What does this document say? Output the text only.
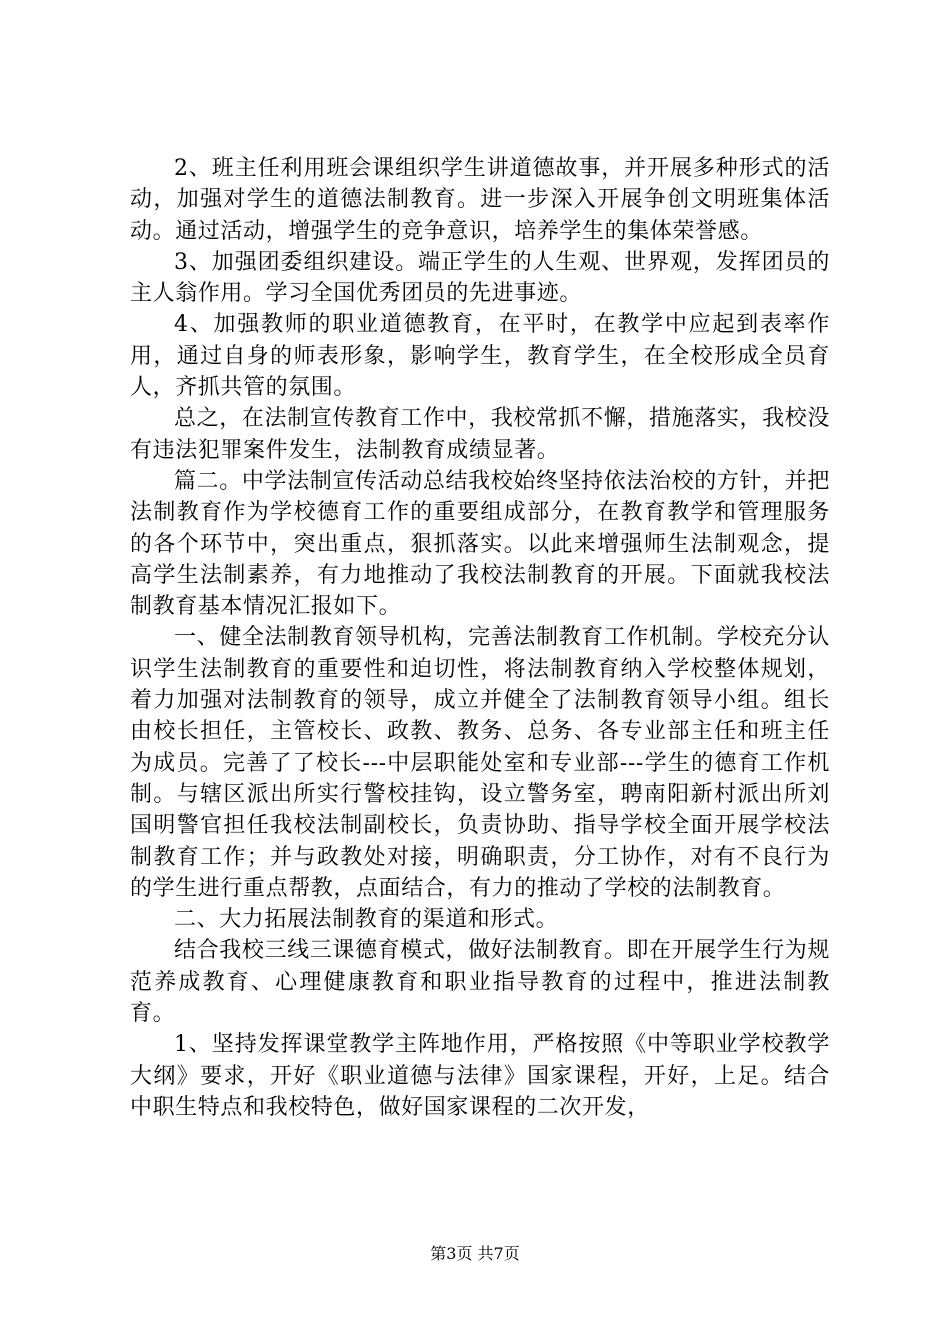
2、班主任利用班会课组织学生讲道德故事，并开展多种形式的活动，加强对学生的道德法制教育。进一步深入开展争创文明班集体活动。通过活动，增强学生的竞争意识，培养学生的集体荣誉感。

3、加强团委组织建设。端正学生的人生观、世界观，发挥团员的主人翁作用。学习全国优秀团员的先进事迹。

4、加强教师的职业道德教育，在平时，在教学中应起到表率作用，通过自身的师表形象，影响学生，教育学生，在全校形成全员育人，齐抓共管的氛围。

总之，在法制宣传教育工作中，我校常抓不懈，措施落实，我校没有违法犯罪案件发生，法制教育成绩显著。

篇二。中学法制宣传活动总结我校始终坚持依法治校的方针，并把法制教育作为学校德育工作的重要组成部分，在教育教学和管理服务的各个环节中，突出重点，狠抓落实。以此来增强师生法制观念，提高学生法制素养，有力地推动了我校法制教育的开展。下面就我校法制教育基本情况汇报如下。

一、健全法制教育领导机构，完善法制教育工作机制。学校充分认识学生法制教育的重要性和迫切性，将法制教育纳入学校整体规划，着力加强对法制教育的领导，成立并健全了法制教育领导小组。组长由校长担任，主管校长、政教、教务、总务、各专业部主任和班主任为成员。完善了了校长---中层职能处室和专业部---学生的德育工作机制。与辖区派出所实行警校挂钩，设立警务室，聘南阳新村派出所刘国明警官担任我校法制副校长，负责协助、指导学校全面开展学校法制教育工作；并与政教处对接，明确职责，分工协作，对有不良行为的学生进行重点帮教，点面结合，有力的推动了学校的法制教育。

二、大力拓展法制教育的渠道和形式。

结合我校三线三课德育模式，做好法制教育。即在开展学生行为规范养成教育、心理健康教育和职业指导教育的过程中，推进法制教育。

1、坚持发挥课堂教学主阵地作用，严格按照《中等职业学校教学大纲》要求，开好《职业道德与法律》国家课程，开好，上足。结合中职生特点和我校特色，做好国家课程的二次开发，

第3页 共7页
